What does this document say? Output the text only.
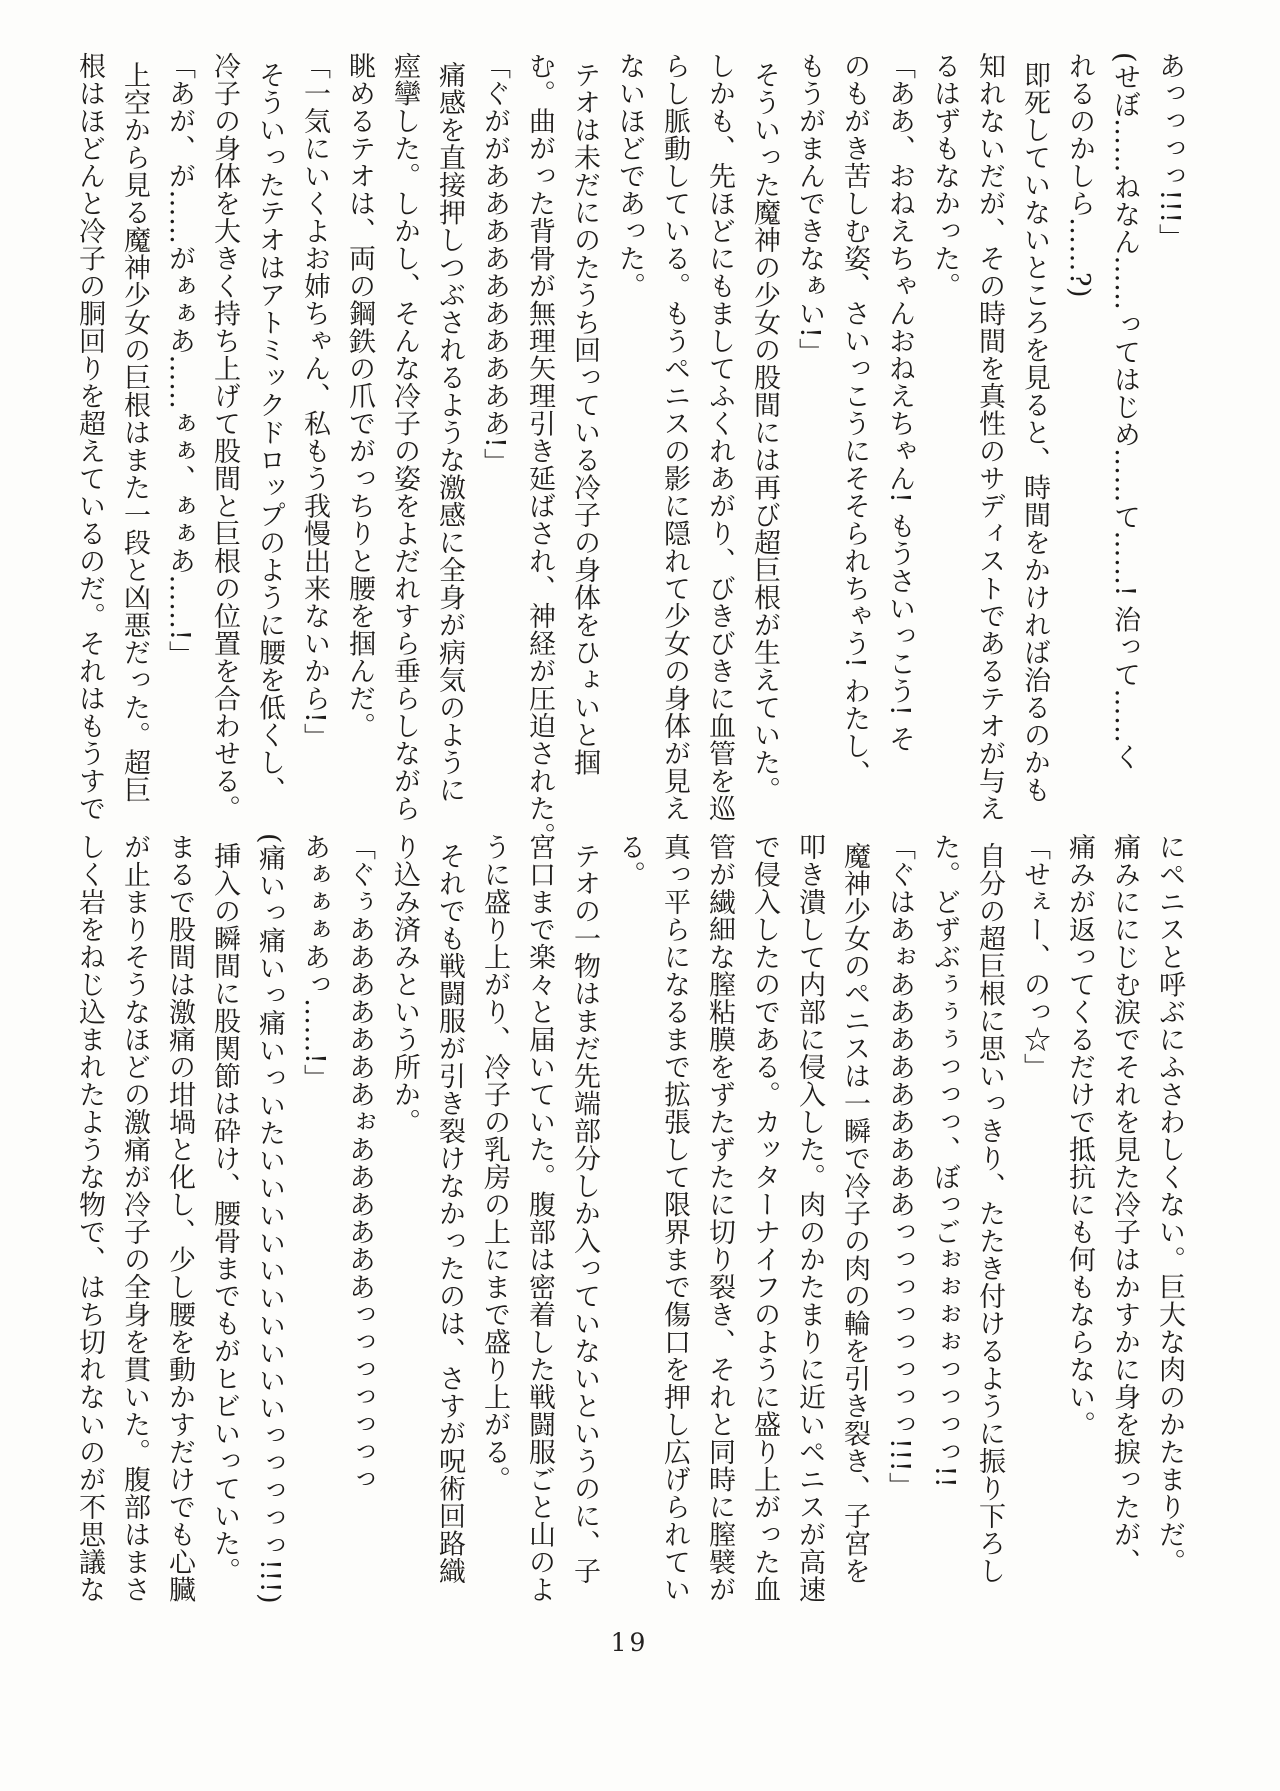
あっっっっ!!!」
(せぼ……ねなん……ってはじめ……て……! 治って……く
れるのかしら……?)
即死していないところを見ると、時間をかければ治るのかも
知れないだが、その時間を真性のサディストであるテオが与え
るはずもなかった。
「ああ、おねえちゃんおねえちゃん! もうさいっこう! そ
のもがき苦しむ姿、さいっこうにそそられちゃう! わたし、
もうがまんできなぁい!」
そういった魔神の少女の股間には再び超巨根が生えていた。
しかも、先ほどにもましてふくれあがり、びきびきに血管を巡
らし脈動している。もうペニスの影に隠れて少女の身体が見え
ないほどであった。
テオは未だにのたうち回っている冷子の身体をひょいと掴
む。曲がった背骨が無理矢理引き延ばされ、神経が圧迫された。
「ぐががああああああああああ!」
痛感を直接押しつぶされるような激感に全身が病気のように
痙攣した。しかし、そんな冷子の姿をよだれすら垂らしながら
眺めるテオは、両の鋼鉄の爪でがっちりと腰を掴んだ。
「一気にいくよお姉ちゃん、私もう我慢出来ないから!」
そういったテオはアトミックドロップのように腰を低くし、
冷子の身体を大きく持ち上げて股間と巨根の位置を合わせる。
「あが、が……がぁぁあ……ぁぁ、ぁぁあ……!」
上空から見る魔神少女の巨根はまた一段と凶悪だった。超巨
根はほどんと冷子の胴回りを超えているのだ。それはもうすで
にペニスと呼ぶにふさわしくない。巨大な肉のかたまりだ。
痛みににじむ涙でそれを見た冷子はかすかに身を捩ったが、
痛みが返ってくるだけで抵抗にも何もならない。
「せぇー、のっ☆」
自分の超巨根に思いっきり、たたき付けるように振り下ろし
た。どずぶぅぅぅっっっ、ぼっごぉぉぉぉっっっっ!!
「ぐはあぉあああああああああっっっっっっっっ!!!」
魔神少女のペニスは一瞬で冷子の肉の輪を引き裂き、子宮を
叩き潰して内部に侵入した。肉のかたまりに近いペニスが高速
で侵入したのである。カッターナイフのように盛り上がった血
管が繊細な膣粘膜をずたずたに切り裂き、それと同時に膣襞が
真っ平らになるまで拡張して限界まで傷口を押し広げられてい
る。
テオの一物はまだ先端部分しか入っていないというのに、子
宮口まで楽々と届いていた。腹部は密着した戦闘服ごと山のよ
うに盛り上がり、冷子の乳房の上にまで盛り上がる。
それでも戦闘服が引き裂けなかったのは、さすが呪術回路織
り込み済みという所か。
「ぐぅあああああああぉああああああっっっっっっっ
あぁぁぁあっ……!」
(痛いっ痛いっ痛いっいたいいいいいいいいいいっっっっっ!!!)
挿入の瞬間に股関節は砕け、腰骨までもがヒビいっていた。
まるで股間は激痛の坩堝と化し、少し腰を動かすだけでも心臓
が止まりそうなほどの激痛が冷子の全身を貫いた。腹部はまさ
しく岩をねじ込まれたような物で、はち切れないのが不思議な
19
